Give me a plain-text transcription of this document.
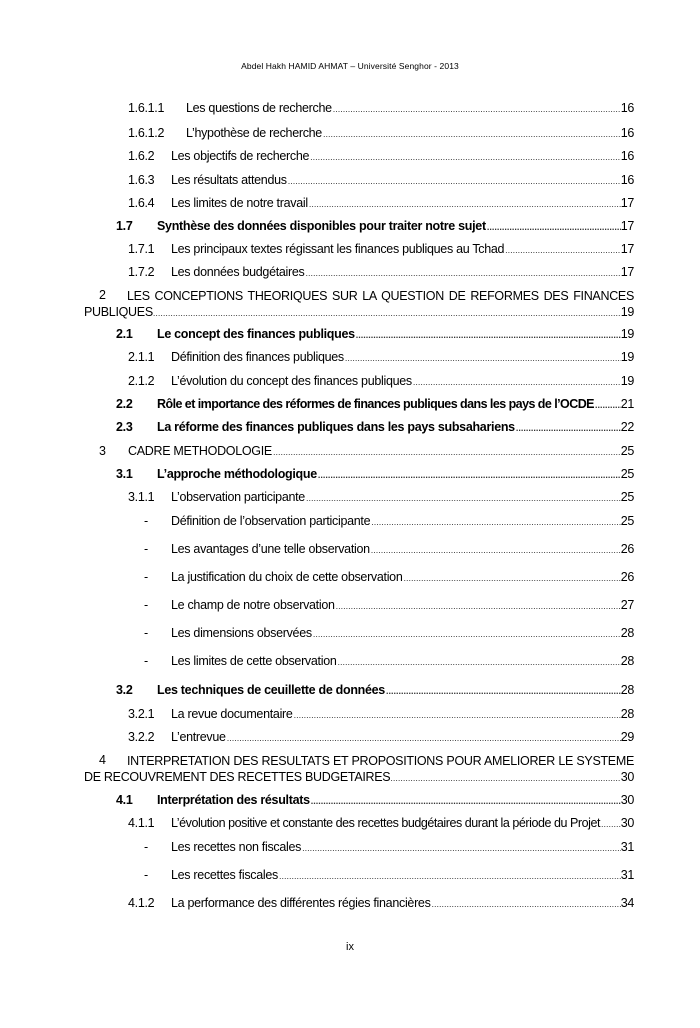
Abdel Hakh HAMID AHMAT – Université Senghor - 2013
1.6.1.1 Les questions de recherche .....	16
1.6.1.2 L’hypothèse de recherche .....	16
1.6.2 Les objectifs de recherche .....	16
1.6.3 Les résultats attendus .....	16
1.6.4 Les limites de notre travail .....	17
1.7 Synthèse des données disponibles pour traiter notre sujet .....	17
1.7.1 Les principaux textes régissant les finances publiques au Tchad .....	17
1.7.2 Les données budgétaires .....	17
2	LES CONCEPTIONS THEORIQUES SUR LA QUESTION DE REFORMES DES FINANCES
PUBLIQUES .....	19
2.1 Le concept des finances publiques .....	19
2.1.1 Définition des finances publiques .....	19
2.1.2 L’évolution du concept des finances publiques .....	19
2.2 Rôle et importance des réformes de finances publiques dans les pays de l’OCDE ..... 21
2.3 La réforme des finances publiques dans les pays subsahariens .....	22
3 CADRE METHODOLOGIE .....	25
3.1 L’approche méthodologique .....	25
3.1.1 L’observation participante .....	25
- Définition de l’observation participante .....	25
- Les avantages d’une telle observation .....	26
- La justification du choix de cette observation .....	26
- Le champ de notre observation .....	27
- Les dimensions observées .....	28
- Les limites de cette observation .....	28
3.2 Les techniques de ceuillette de données .....	28
3.2.1 La revue documentaire .....	28
3.2.2 L’entrevue .....	29
4	INTERPRETATION DES RESULTATS ET PROPOSITIONS POUR AMELIORER LE SYSTEME
DE RECOUVREMENT DES RECETTES BUDGETAIRES .....	30
4.1 Interprétation des résultats .....	30
4.1.1 L’évolution positive et constante des recettes budgétaires durant la période du Projet ..... 30
- Les recettes non fiscales .....	31
- Les recettes fiscales .....	31
4.1.2 La performance des différentes régies financières .....	34
ix
